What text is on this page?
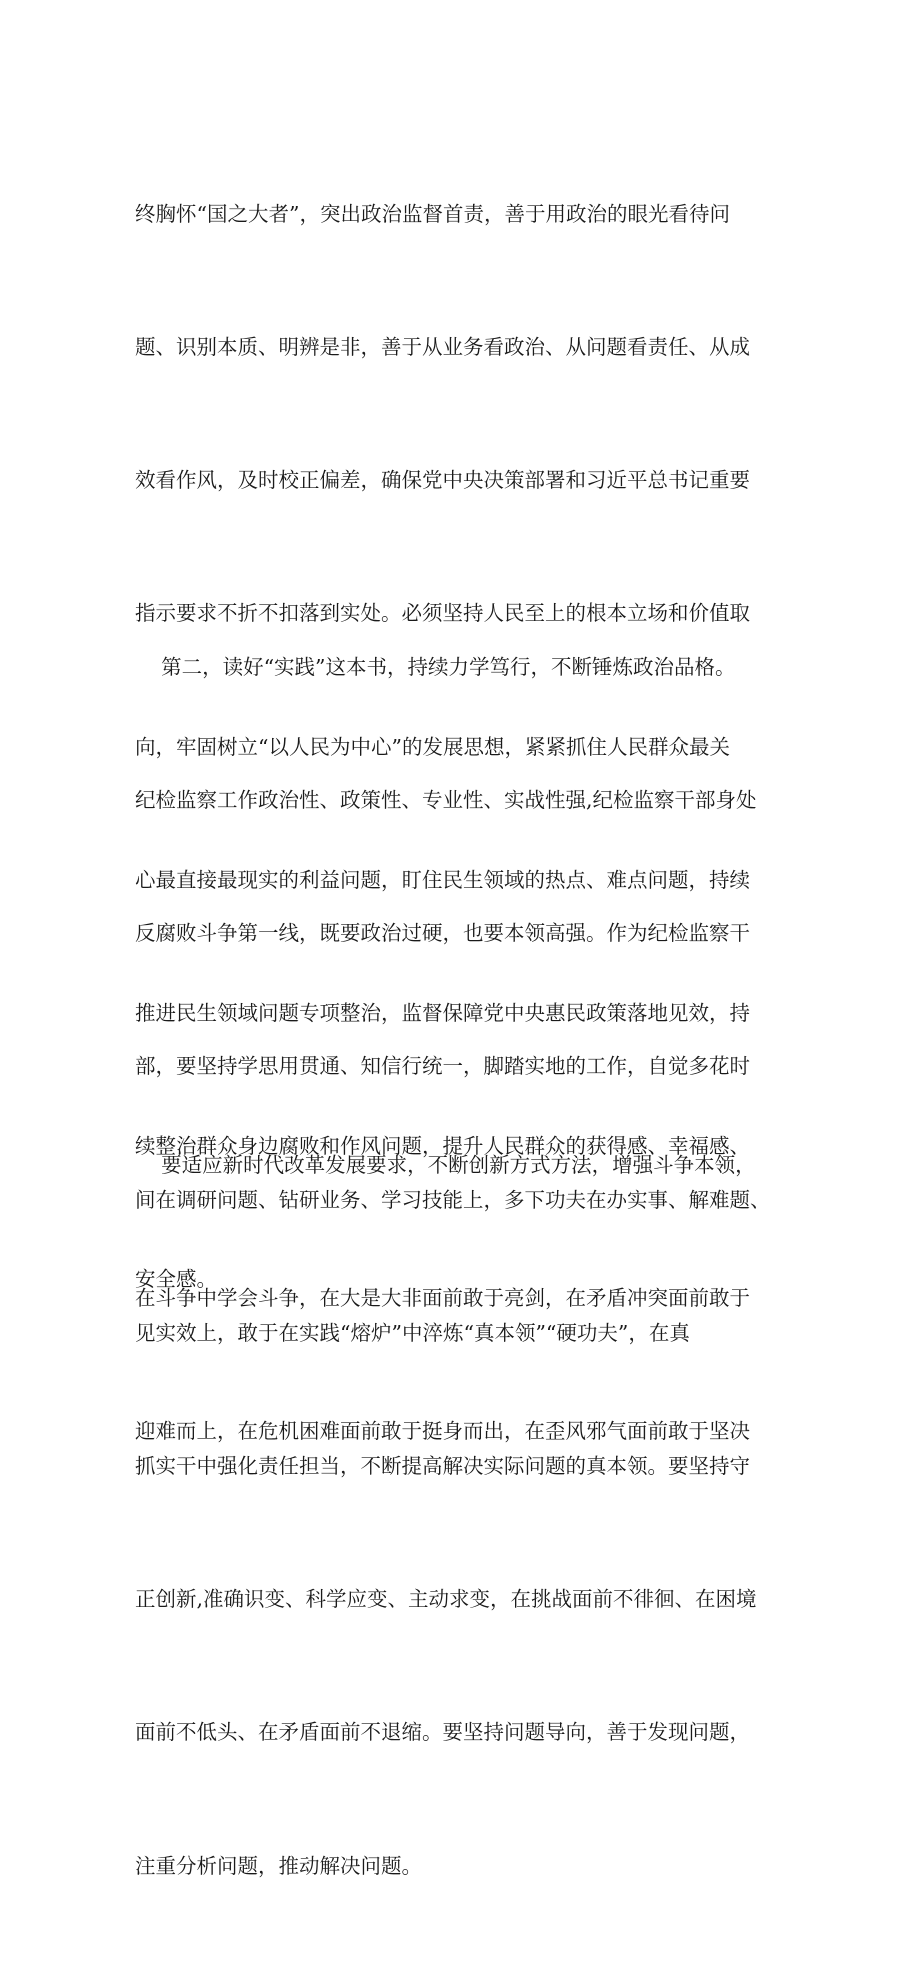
终胸怀“国之大者”，突出政治监督首责，善于用政治的眼光看待问

题、识别本质、明辨是非，善于从业务看政治、从问题看责任、从成

效看作风，及时校正偏差，确保党中央决策部署和习近平总书记重要

指示要求不折不扣落到实处。必须坚持人民至上的根本立场和价值取

向，牢固树立“以人民为中心”的发展思想，紧紧抓住人民群众最关

心最直接最现实的利益问题，盯住民生领域的热点、难点问题，持续

推进民生领域问题专项整治，监督保障党中央惠民政策落地见效，持

续整治群众身边腐败和作风问题，提升人民群众的获得感、幸福感、

安全感。

第二，读好“实践”这本书，持续力学笃行，不断锤炼政治品格。

纪检监察工作政治性、政策性、专业性、实战性强,纪检监察干部身处

反腐败斗争第一线，既要政治过硬，也要本领高强。作为纪检监察干

部，要坚持学思用贯通、知信行统一，脚踏实地的工作，自觉多花时

间在调研问题、钻研业务、学习技能上，多下功夫在办实事、解难题、

见实效上，敢于在实践“熔炉”中淬炼“真本领”“硬功夫”，在真

抓实干中强化责任担当，不断提高解决实际问题的真本领。要坚持守

正创新,准确识变、科学应变、主动求变，在挑战面前不徘徊、在困境

面前不低头、在矛盾面前不退缩。要坚持问题导向，善于发现问题，

注重分析问题，推动解决问题。

要适应新时代改革发展要求，不断创新方式方法，增强斗争本领，

在斗争中学会斗争，在大是大非面前敢于亮剑，在矛盾冲突面前敢于

迎难而上，在危机困难面前敢于挺身而出，在歪风邪气面前敢于坚决
